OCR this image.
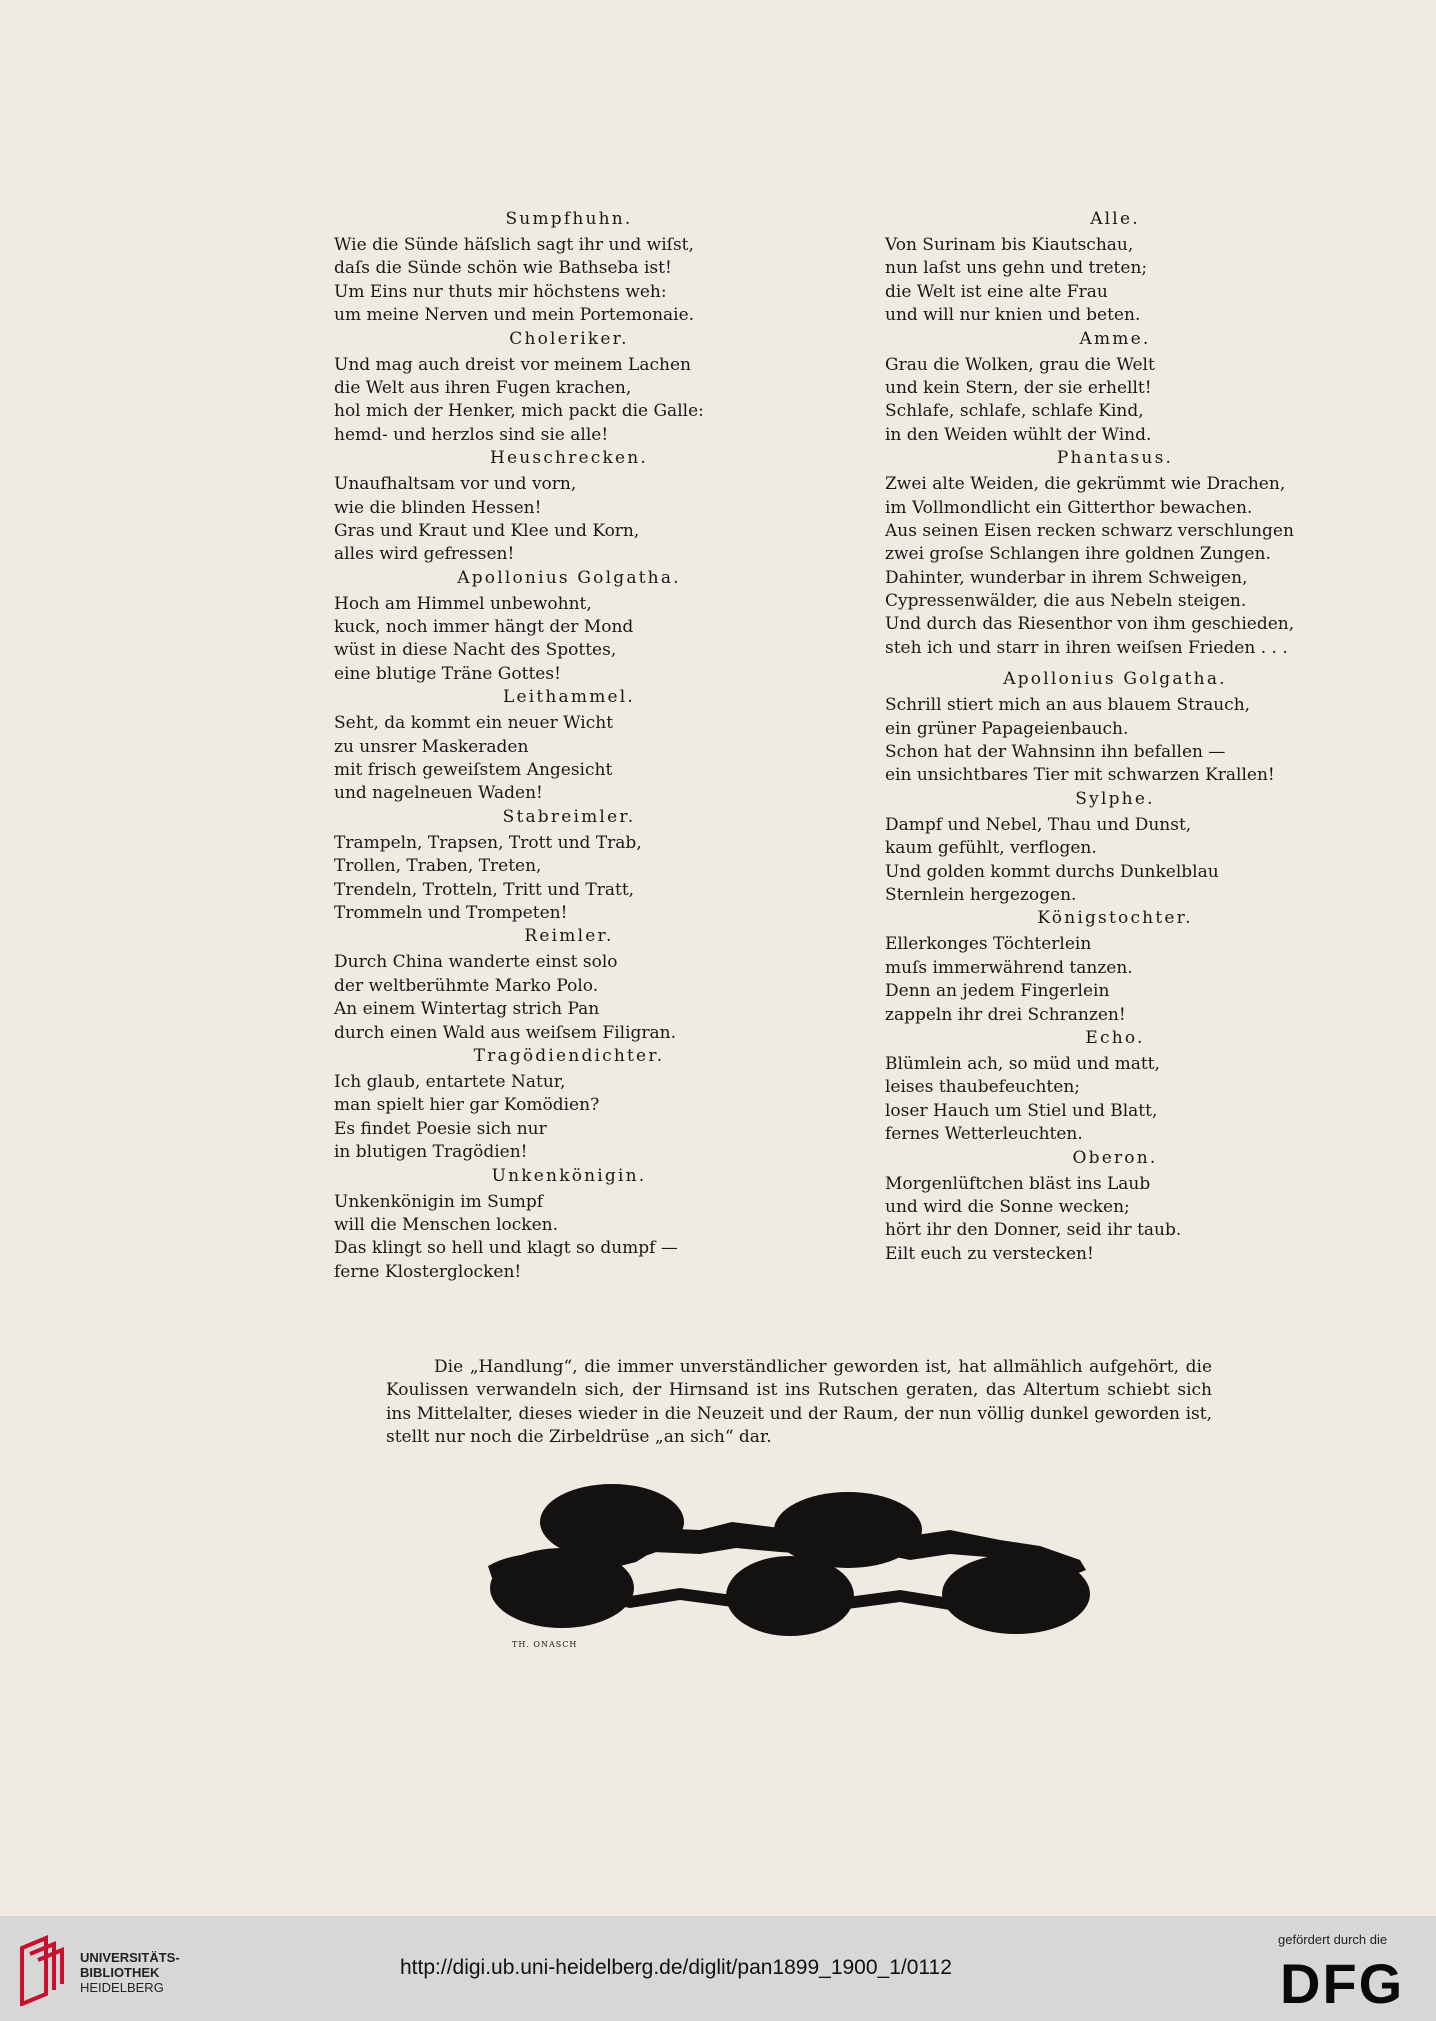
Sumpfhuhn.
Wie die Sünde häſslich sagt ihr und wiſst,
daſs die Sünde schön wie Bathseba ist!
Um Eins nur thuts mir höchstens weh:
um meine Nerven und mein Portemonaie.
Choleriker.
Und mag auch dreist vor meinem Lachen
die Welt aus ihren Fugen krachen,
hol mich der Henker, mich packt die Galle:
hemd- und herzlos sind sie alle!
Heuschrecken.
Unaufhaltsam vor und vorn,
wie die blinden Hessen!
Gras und Kraut und Klee und Korn,
alles wird gefressen!
Apollonius Golgatha.
Hoch am Himmel unbewohnt,
kuck, noch immer hängt der Mond
wüst in diese Nacht des Spottes,
eine blutige Träne Gottes!
Leithammel.
Seht, da kommt ein neuer Wicht
zu unsrer Maskeraden
mit frisch geweiſstem Angesicht
und nagelneuen Waden!
Stabreimler.
Trampeln, Trapsen, Trott und Trab,
Trollen, Traben, Treten,
Trendeln, Trotteln, Tritt und Tratt,
Trommeln und Trompeten!
Reimler.
Durch China wanderte einst solo
der weltberühmte Marko Polo.
An einem Wintertag strich Pan
durch einen Wald aus weiſsem Filigran.
Tragödiendichter.
Ich glaub, entartete Natur,
man spielt hier gar Komödien?
Es findet Poesie sich nur
in blutigen Tragödien!
Unkenkönigin.
Unkenkönigin im Sumpf
will die Menschen locken.
Das klingt so hell und klagt so dumpf —
ferne Klosterglocken!
Alle.
Von Surinam bis Kiautschau,
nun laſst uns gehn und treten;
die Welt ist eine alte Frau
und will nur knien und beten.
Amme.
Grau die Wolken, grau die Welt
und kein Stern, der sie erhellt!
Schlafe, schlafe, schlafe Kind,
in den Weiden wühlt der Wind.
Phantasus.
Zwei alte Weiden, die gekrümmt wie Drachen,
im Vollmondlicht ein Gitterthor bewachen.
Aus seinen Eisen recken schwarz verschlungen
zwei groſse Schlangen ihre goldnen Zungen.
Dahinter, wunderbar in ihrem Schweigen,
Cypressenwälder, die aus Nebeln steigen.
Und durch das Riesenthor von ihm geschieden,
steh ich und starr in ihren weiſsen Frieden . . .
Apollonius Golgatha.
Schrill stiert mich an aus blauem Strauch,
ein grüner Papageienbauch.
Schon hat der Wahnsinn ihn befallen —
ein unsichtbares Tier mit schwarzen Krallen!
Sylphe.
Dampf und Nebel, Thau und Dunst,
kaum gefühlt, verflogen.
Und golden kommt durchs Dunkelblau
Sternlein hergezogen.
Königstochter.
Ellerkonges Töchterlein
muſs immerwährend tanzen.
Denn an jedem Fingerlein
zappeln ihr drei Schranzen!
Echo.
Blümlein ach, so müd und matt,
leises thaubefeuchten;
loser Hauch um Stiel und Blatt,
fernes Wetterleuchten.
Oberon.
Morgenlüftchen bläst ins Laub
und wird die Sonne wecken;
hört ihr den Donner, seid ihr taub.
Eilt euch zu verstecken!

Die „Handlung“, die immer unverständlicher geworden ist, hat allmählich aufgehört, die Koulissen verwandeln sich, der Hirnsand ist ins Rutschen geraten, das Altertum schiebt sich ins Mittelalter, dieses wieder in die Neuzeit und der Raum, der nun völlig dunkel geworden ist, stellt nur noch die Zirbeldrüse „an sich“ dar.

TH. ONASCH
UNIVERSITÄTS-
BIBLIOTHEK
HEIDELBERG
http://digi.ub.uni-heidelberg.de/diglit/pan1899_1900_1/0112
gefördert durch die
DFG
